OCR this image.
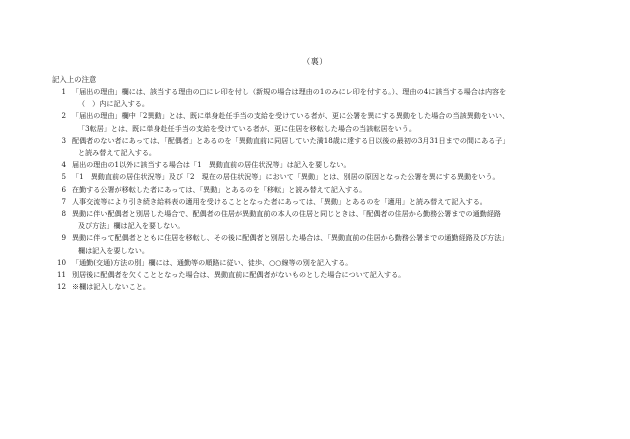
（裏）
記入上の注意
1 「届出の理由」欄には、該当する理由の□にレ印を付し（新規の場合は理由の1のみにレ印を付する。）、理由の4に該当する場合は内容を
（　）内に記入する。
2 「届出の理由」欄中「2異動」とは、既に単身赴任手当の支給を受けている者が、更に公署を異にする異動をした場合の当該異動をいい、
「3転居」とは、既に単身赴任手当の支給を受けている者が、更に住居を移転した場合の当該転居をいう。
3 配偶者のない者にあっては、「配偶者」とあるのを「異動直前に同居していた満18歳に達する日以後の最初の3月31日までの間にある子」
と読み替えて記入する。
4 届出の理由の1以外に該当する場合は「1　異動直前の居住状況等」は記入を要しない。
5 「1　異動直前の居住状況等」及び「2　現在の居住状況等」において「異動」とは、別居の原因となった公署を異にする異動をいう。
6 在勤する公署が移転した者にあっては、「異動」とあるのを「移転」と読み替えて記入する。
7 人事交流等により引き続き給料表の適用を受けることとなった者にあっては、「異動」とあるのを「適用」と読み替えて記入する。
8 異動に伴い配偶者と別居した場合で、配偶者の住居が異動直前の本人の住居と同じときは、「配偶者の住居から勤務公署までの通勤経路
及び方法」欄は記入を要しない。
9 異動に伴って配偶者とともに住居を移転し、その後に配偶者と別居した場合は、「異動直前の住居から勤務公署までの通勤経路及び方法」
欄は記入を要しない。
10 「通勤(交通)方法の別」欄には、通勤等の順路に従い、徒歩、○○線等の別を記入する。
11 別居後に配偶者を欠くこととなった場合は、異動直前に配偶者がないものとした場合について記入する。
12 ※欄は記入しないこと。
